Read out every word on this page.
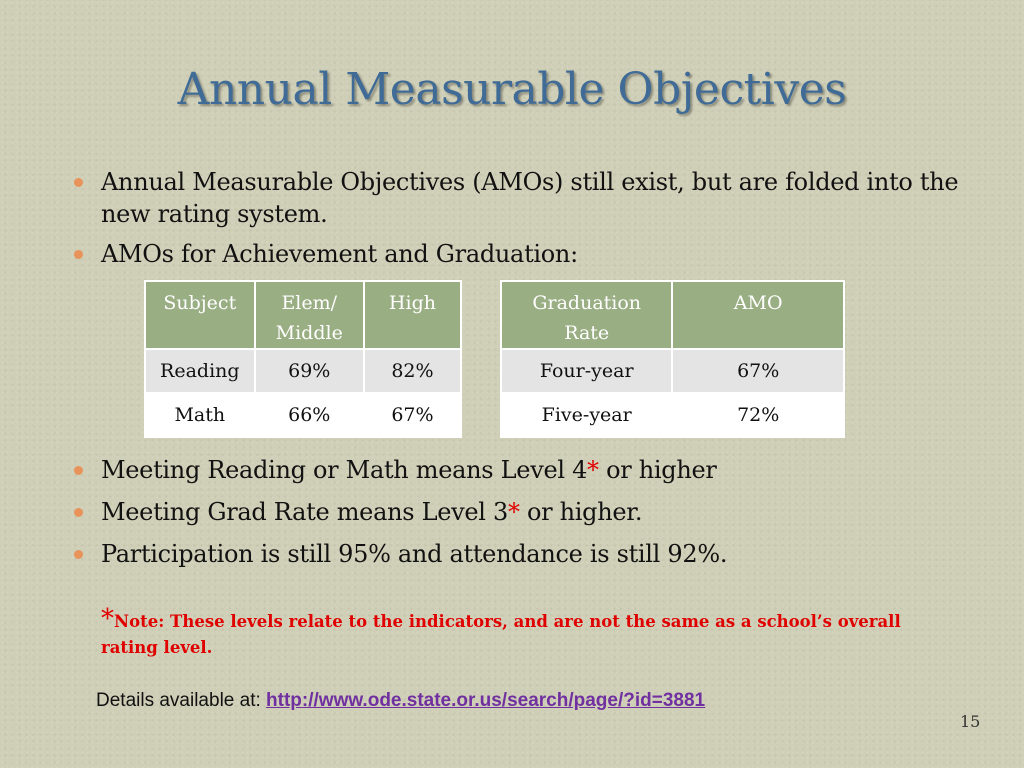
Annual Measurable Objectives
Annual Measurable Objectives (AMOs) still exist, but are folded into the new rating system.
AMOs for Achievement and Graduation:
Subject	Elem/ Middle	High
Reading	69%	82%
Math	66%	67%
Graduation Rate	AMO
Four-year	67%
Five-year	72%
Meeting Reading or Math means Level 4* or higher
Meeting Grad Rate means Level 3* or higher.
Participation is still 95% and attendance is still 92%.
*Note: These levels relate to the indicators, and are not the same as a school’s overall rating level.
Details available at: http://www.ode.state.or.us/search/page/?id=3881
15
